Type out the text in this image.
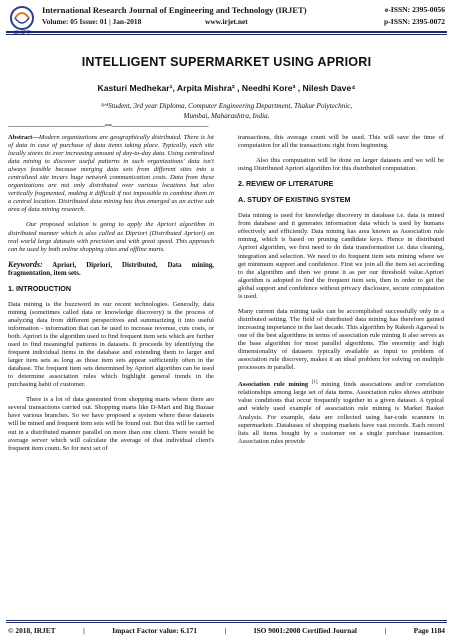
International Research Journal of Engineering and Technology (IRJET)
Volume: 05 Issue: 01 | Jan-2018	www.irjet.net
e-ISSN: 2395-0056
p-ISSN: 2395-0072
INTELLIGENT SUPERMARKET USING APRIORI
Kasturi Medhekar¹, Arpita Mishra² , Needhi Kore³ , Nilesh Dave⁴
¹ʲʳ⁴Student, 3rd year Diploma, Computer Engineering Department, Thakur Polytechnic,
Mumbai, Maharashtra, India.
---------------------------------------------------------------------***---------------------------------------------------------------------

Abstract—Modern organizations are geographically distributed. There is lot of data in case of purchase of data items taking place. Typically, each site locally stores its ever increasing amount of day-to-day data. Using centralized data mining to discover useful patterns in such organizations' data isn't always feasible because merging data sets from different sites into a centralized site incurs huge network communication costs. Data from these organizations are not only distributed over various locations but also vertically fragmented, making it difficult if not impossible to combine them in a central location. Distributed data mining has thus emerged as an active sub area of data mining research.

Our proposed solution is going to apply the Apriori algorithm in distributed manner which is also called as Dipriori (Distributed Apriori) on real world large datasets with precision and with great speed. This approach can be used by both online shopping sites and offline marts.

Keywords: Apriori, Dipriori, Distributed, Data mining, fragmentation, item sets.

1. INTRODUCTION

Data mining is the buzzword in our recent technologies. Generally, data mining (sometimes called data or knowledge discovery) is the process of analyzing data from different perspectives and summarizing it into useful information - information that can be used to increase revenue, cuts costs, or both. Apriori is the algorithm used to find frequent item sets which are further used to find meaningful patterns in datasets. It proceeds by identifying the frequent individual items in the database and extending them to larger and larger item sets as long as those item sets appear sufficiently often in the database. The frequent item sets determined by Apriori algorithm can be used to determine association rules which highlight general trends in the purchasing habit of customer.

There is a lot of data generated from shopping marts where there are several transactions carried out. Shopping marts like D-Mart and Big Bazaar have various branches. So we have proposed a system where these datasets will be mined and frequent item sets will be found out. But this will be carried out in a distributed manner parallel on more than one client. There would be average server which will calculate the average of that individual client's frequent item count. So for next set of

transactions, this average count will be used. This will save the time of computation for all the transactions right from beginning.

Also this computation will be done on larger datasets and we will be using Distributed Apriori algorithm for this distributed computation.

2. REVIEW OF LITERATURE

A. STUDY OF EXISTING SYSTEM

Data mining is used for knowledge discovery in database i.e. data is mined from database and it generates information data which is used by humans effectively and efficiently. Data mining has area known as Association rule mining, which is based on pruning candidate keys. Hence in distributed Apriori algorithm, we first need to do data transformation i.e. data cleaning, integration and selection. We need to do frequent item sets mining where we get minimum support and confidence. First we join all the item set according to the algorithm and then we prune it as per our threshold value.Apriori algorithm is adopted to find the frequent item sets, then in order to get the global support and confidence without privacy disclosure, secure computation is used.

Many current data mining tasks can be accomplished successfully only in a distributed setting. The field of distributed data mining has therefore gained increasing importance in the last decade. This algorithm by Rakesh Agarwal is one of the best algorithms in terms of association rule mining It also serves as the base algorithm for most parallel algorithms. The enormity and high dimensionality of datasets typically available as input to problem of association rule discovery, makes it an ideal problem for solving on multiple processors in parallel.

Association rule mining [1] mining finds associations and/or correlation relationships among large set of data items. Association rules shows attribute value conditions that occur frequently together in a given dataset. A typical and widely used example of association rule mining is Market Basket Analysis. For example, data are collected using bar-code scanners in supermarkets .Databases of shopping markets have vast records. Each record lists all items bought by a customer on a single purchase transaction. Association rules provide

© 2018, IRJET	|	Impact Factor value: 6.171	|	ISO 9001:2008 Certified Journal	|	Page 1184
